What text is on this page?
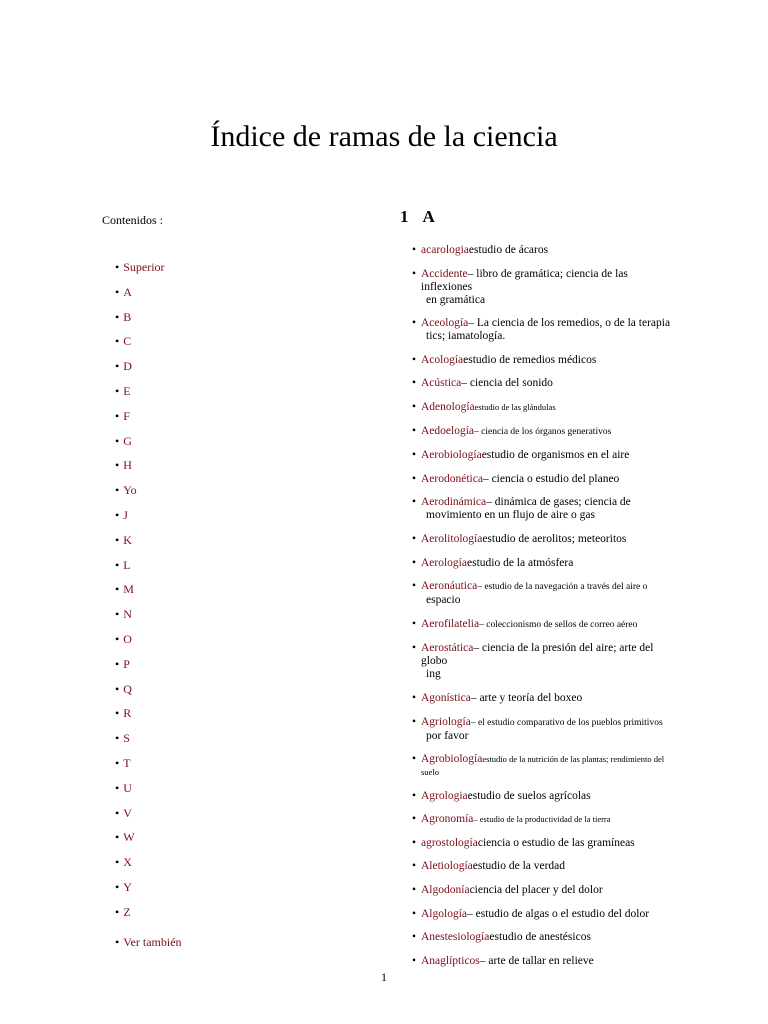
Índice de ramas de la ciencia
Contenidos :
• Superior
• A
• B
• C
• D
• E
• F
• G
• H
• Yo
• J
• K
• L
• M
• N
• O
• P
• Q
• R
• S
• T
• U
• V
• W
• X
• Y
• Z
• Ver también
1 A
• acarologiaestudio de ácaros
• Accidente– libro de gramática; ciencia de las inflexiones
en gramática
• Aceología– La ciencia de los remedios, o de la terapia
tics; iamatología.
• Acologíaestudio de remedios médicos
• Acústica– ciencia del sonido
• Adenologíaestudio de las glándulas
• Aedoelogía– ciencia de los órganos generativos
• Aerobiologíaestudio de organismos en el aire
• Aerodonética– ciencia o estudio del planeo
• Aerodinámica– dinámica de gases; ciencia de
movimiento en un flujo de aire o gas
• Aerolitologíaestudio de aerolitos; meteoritos
• Aerologíaestudio de la atmósfera
• Aeronáutica– estudio de la navegación a través del aire o
espacio
• Aerofilatelia– coleccionismo de sellos de correo aéreo
• Aerostática– ciencia de la presión del aire; arte del globo
ing
• Agonística– arte y teoría del boxeo
• Agriología– el estudio comparativo de los pueblos primitivos
por favor
• Agrobiologíaestudio de la nutrición de las plantas; rendimiento del suelo
• Agrologiaestudio de suelos agrícolas
• Agronomía– estudio de la productividad de la tierra
• agrostologíaciencia o estudio de las gramíneas
• Aletiologíaestudio de la verdad
• Algodoníaciencia del placer y del dolor
• Algología– estudio de algas o el estudio del dolor
• Anestesiologíaestudio de anestésicos
• Anaglípticos– arte de tallar en relieve
1
